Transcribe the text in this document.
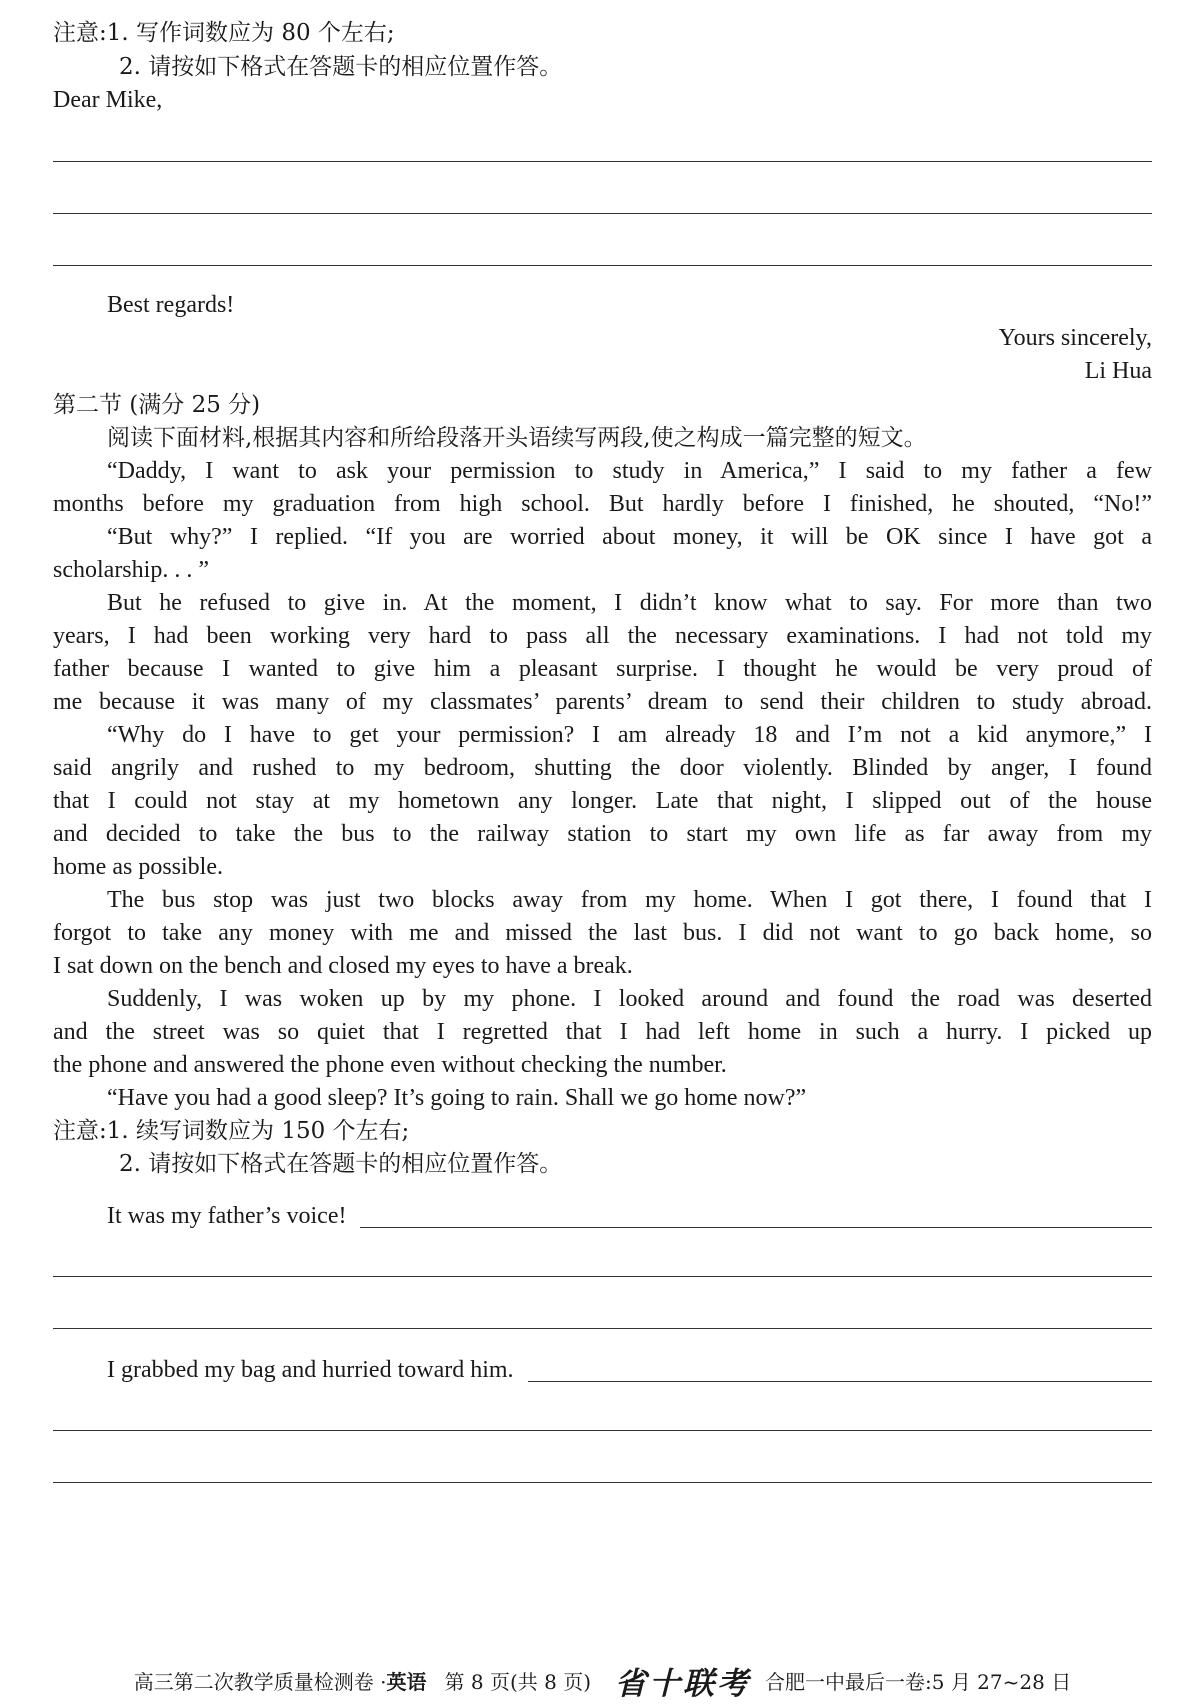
注意:1. 写作词数应为 80 个左右;
2. 请按如下格式在答题卡的相应位置作答。
Dear Mike,
Best regards!
Yours sincerely,
Li Hua
第二节 (满分 25 分)
阅读下面材料,根据其内容和所给段落开头语续写两段,使之构成一篇完整的短文。
“Daddy, I want to ask your permission to study in America,” I said to my father a few
months before my graduation from high school. But hardly before I finished, he shouted, “No!”
“But why?” I replied. “If you are worried about money, it will be OK since I have got a
scholarship. . . ”
But he refused to give in. At the moment, I didn’t know what to say. For more than two
years, I had been working very hard to pass all the necessary examinations. I had not told my
father because I wanted to give him a pleasant surprise. I thought he would be very proud of
me because it was many of my classmates’ parents’ dream to send their children to study abroad.
“Why do I have to get your permission? I am already 18 and I’m not a kid anymore,” I
said angrily and rushed to my bedroom, shutting the door violently. Blinded by anger, I found
that I could not stay at my hometown any longer. Late that night, I slipped out of the house
and decided to take the bus to the railway station to start my own life as far away from my
home as possible.
The bus stop was just two blocks away from my home. When I got there, I found that I
forgot to take any money with me and missed the last bus. I did not want to go back home, so
I sat down on the bench and closed my eyes to have a break.
Suddenly, I was woken up by my phone. I looked around and found the road was deserted
and the street was so quiet that I regretted that I had left home in such a hurry. I picked up
the phone and answered the phone even without checking the number.
“Have you had a good sleep? It’s going to rain. Shall we go home now?”
注意:1. 续写词数应为 150 个左右;
2. 请按如下格式在答题卡的相应位置作答。
It was my father’s voice!
I grabbed my bag and hurried toward him.
高三第二次教学质量检测卷 · 英语 第 8 页(共 8 页) 省十联考 合肥一中最后一卷:5 月 27~28 日
